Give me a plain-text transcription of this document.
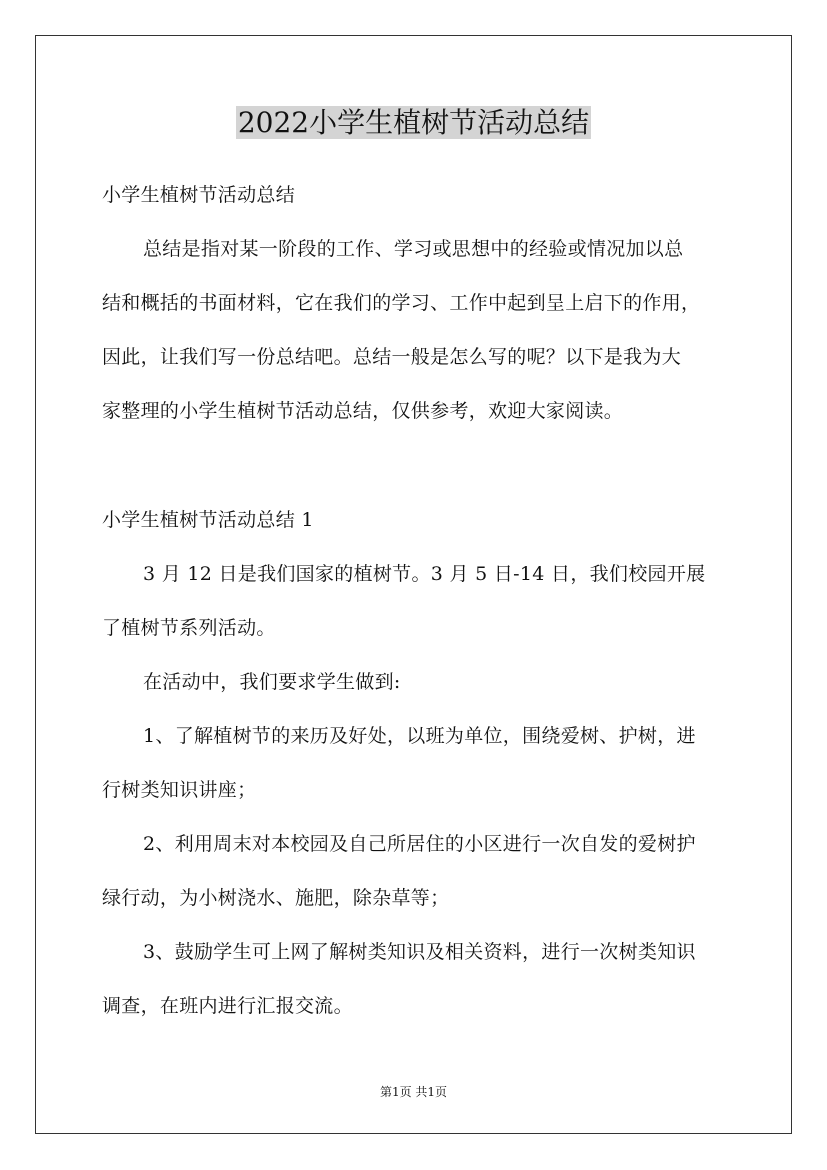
2022小学生植树节活动总结
小学生植树节活动总结
总结是指对某一阶段的工作、学习或思想中的经验或情况加以总
结和概括的书面材料，它在我们的学习、工作中起到呈上启下的作用，
因此，让我们写一份总结吧。总结一般是怎么写的呢？以下是我为大
家整理的小学生植树节活动总结，仅供参考，欢迎大家阅读。
小学生植树节活动总结 1
3 月 12 日是我们国家的植树节。3 月 5 日-14 日，我们校园开展
了植树节系列活动。
在活动中，我们要求学生做到:
1、了解植树节的来历及好处，以班为单位，围绕爱树、护树，进
行树类知识讲座；
2、利用周末对本校园及自己所居住的小区进行一次自发的爱树护
绿行动，为小树浇水、施肥，除杂草等；
3、鼓励学生可上网了解树类知识及相关资料，进行一次树类知识
调查，在班内进行汇报交流。
第1页 共1页
